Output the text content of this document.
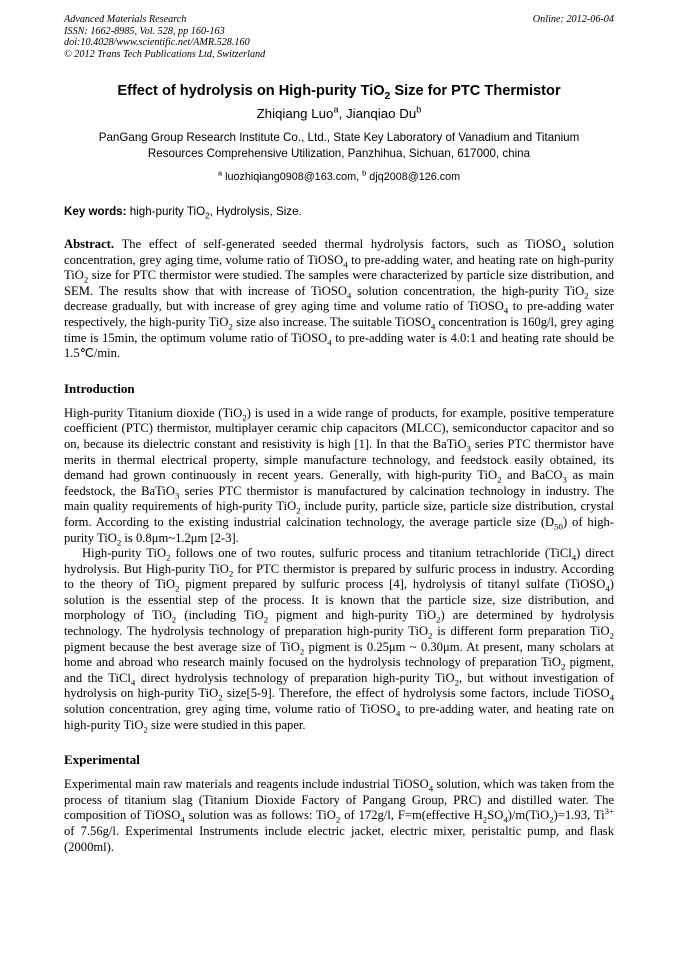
Advanced Materials Research	Online: 2012-06-04
ISSN: 1662-8985, Vol. 528, pp 160-163
doi:10.4028/www.scientific.net/AMR.528.160
© 2012 Trans Tech Publications Ltd, Switzerland
Effect of hydrolysis on High-purity TiO$_2$ Size for PTC Thermistor
Zhiqiang Luo$^a$, Jianqiao Du$^b$
PanGang Group Research Institute Co., Ltd., State Key Laboratory of Vanadium and Titanium
Resources Comprehensive Utilization, Panzhihua, Sichuan, 617000, china
$^a$ luozhiqiang0908@163.com, $^b$ djq2008@126.com
Key words: high-purity TiO$_2$, Hydrolysis, Size.
Abstract. The effect of self-generated seeded thermal hydrolysis factors, such as TiOSO$_4$ solution concentration, grey aging time, volume ratio of TiOSO$_4$ to pre-adding water, and heating rate on high-purity TiO$_2$ size for PTC thermistor were studied. The samples were characterized by particle size distribution, and SEM. The results show that with increase of TiOSO$_4$ solution concentration, the high-purity TiO$_2$ size decrease gradually, but with increase of grey aging time and volume ratio of TiOSO$_4$ to pre-adding water respectively, the high-purity TiO$_2$ size also increase. The suitable TiOSO$_4$ concentration is 160g/l, grey aging time is 15min, the optimum volume ratio of TiOSO$_4$ to pre-adding water is 4.0:1 and heating rate should be 1.5℃/min.
Introduction
High-purity Titanium dioxide (TiO$_2$) is used in a wide range of products, for example, positive temperature coefficient (PTC) thermistor, multiplayer ceramic chip capacitors (MLCC), semiconductor capacitor and so on, because its dielectric constant and resistivity is high [1]. In that the BaTiO$_3$ series PTC thermistor have merits in thermal electrical property, simple manufacture technology, and feedstock easily obtained, its demand had grown continuously in recent years. Generally, with high-purity TiO$_2$ and BaCO$_3$ as main feedstock, the BaTiO$_3$ series PTC thermistor is manufactured by calcination technology in industry. The main quality requirements of high-purity TiO$_2$ include purity, particle size, particle size distribution, crystal form. According to the existing industrial calcination technology, the average particle size $(D_{50})$ of high-purity TiO$_2$ is 0.8μm~1.2μm [2-3].
High-purity TiO$_2$ follows one of two routes, sulfuric process and titanium tetrachloride (TiCl$_4$) direct hydrolysis. But High-purity TiO$_2$ for PTC thermistor is prepared by sulfuric process in industry. According to the theory of TiO$_2$ pigment prepared by sulfuric process [4], hydrolysis of titanyl sulfate (TiOSO$_4$) solution is the essential step of the process. It is known that the particle size, size distribution, and morphology of TiO$_2$ (including TiO$_2$ pigment and high-purity TiO$_2$) are determined by hydrolysis technology. The hydrolysis technology of preparation high-purity TiO$_2$ is different form preparation TiO$_2$ pigment because the best average size of TiO$_2$ pigment is 0.25μm ~ 0.30μm. At present, many scholars at home and abroad who research mainly focused on the hydrolysis technology of preparation TiO$_2$ pigment, and the TiCl$_4$ direct hydrolysis technology of preparation high-purity TiO$_2$, but without investigation of hydrolysis on high-purity TiO$_2$ size[5-9]. Therefore, the effect of hydrolysis some factors, include TiOSO$_4$ solution concentration, grey aging time, volume ratio of TiOSO$_4$ to pre-adding water, and heating rate on high-purity TiO$_2$ size were studied in this paper.
Experimental
Experimental main raw materials and reagents include industrial TiOSO$_4$ solution, which was taken from the process of titanium slag (Titanium Dioxide Factory of Pangang Group, PRC) and distilled water. The composition of TiOSO$_4$ solution was as follows: TiO$_2$ of 172g/l, F=m(effective $H_2SO_4)/m(TiO_2)=1.93$, $Ti^{3+}$ of 7.56g/l. Experimental Instruments include electric jacket, electric mixer, peristaltic pump, and flask (2000ml).
